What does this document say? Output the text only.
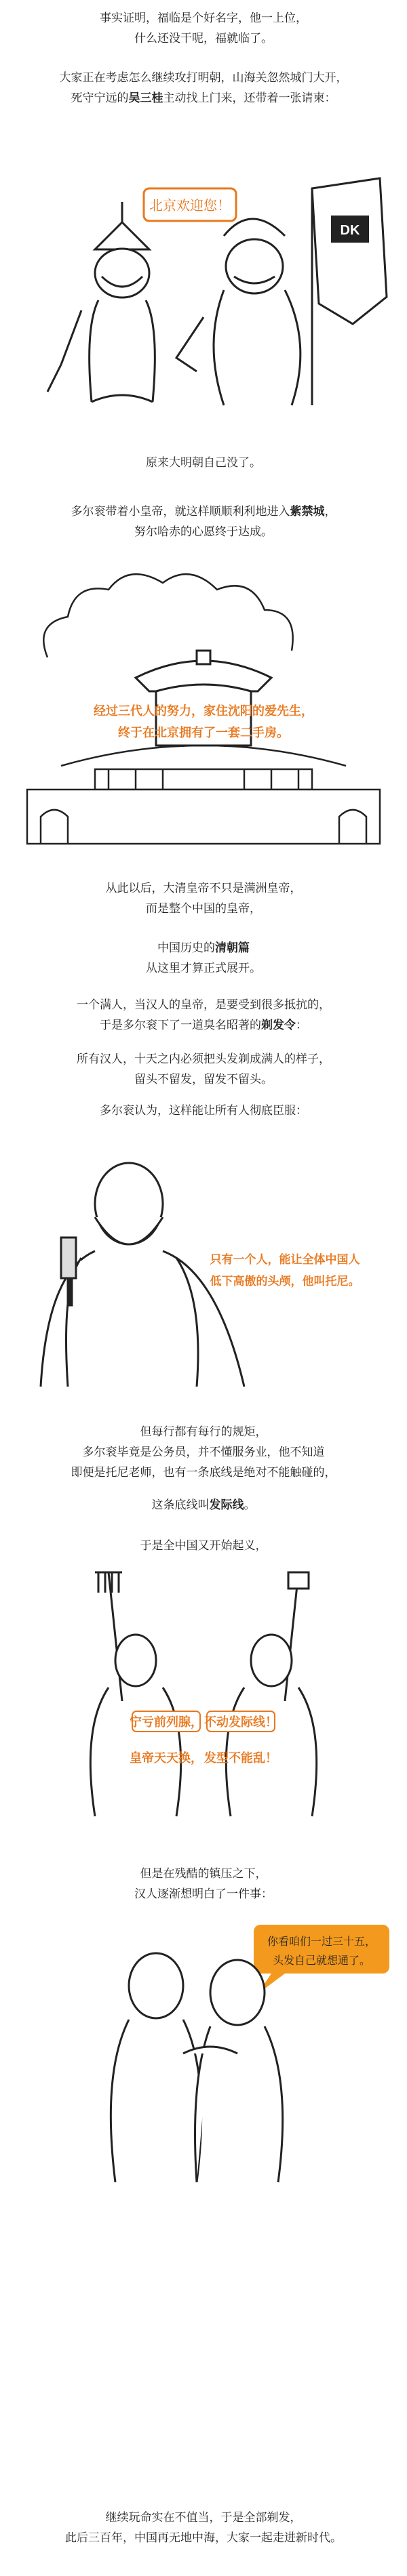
事实证明，福临是个好名字，他一上位，
什么还没干呢，福就临了。
大家正在考虑怎么继续攻打明朝，山海关忽然城门大开，
死守宁远的吴三桂主动找上门来，还带着一张请柬：
北京欢迎您！
DK
原来大明朝自己没了。
多尔衮带着小皇帝，就这样顺顺利利地进入紫禁城，
努尔哈赤的心愿终于达成。
经过三代人的努力，家住沈阳的爱先生，
终于在北京拥有了一套二手房。
从此以后，大清皇帝不只是满洲皇帝，
而是整个中国的皇帝，
中国历史的清朝篇
从这里才算正式展开。
一个满人，当汉人的皇帝，是要受到很多抵抗的，
于是多尔衮下了一道臭名昭著的剃发令：
所有汉人，十天之内必须把头发剃成满人的样子，
留头不留发，留发不留头。
多尔衮认为，这样能让所有人彻底臣服：
只有一个人，能让全体中国人
低下高傲的头颅，他叫托尼。
但每行都有每行的规矩，
多尔衮毕竟是公务员，并不懂服务业，他不知道
即便是托尼老师，也有一条底线是绝对不能触碰的，
这条底线叫发际线。
于是全中国又开始起义，
宁亏前列腺， 不动发际线！
皇帝天天换， 发型不能乱！
但是在残酷的镇压之下，
汉人逐渐想明白了一件事：
你看咱们一过三十五，
头发自己就想通了。
继续玩命实在不值当，于是全部剃发，
此后三百年，中国再无地中海，大家一起走进新时代。
